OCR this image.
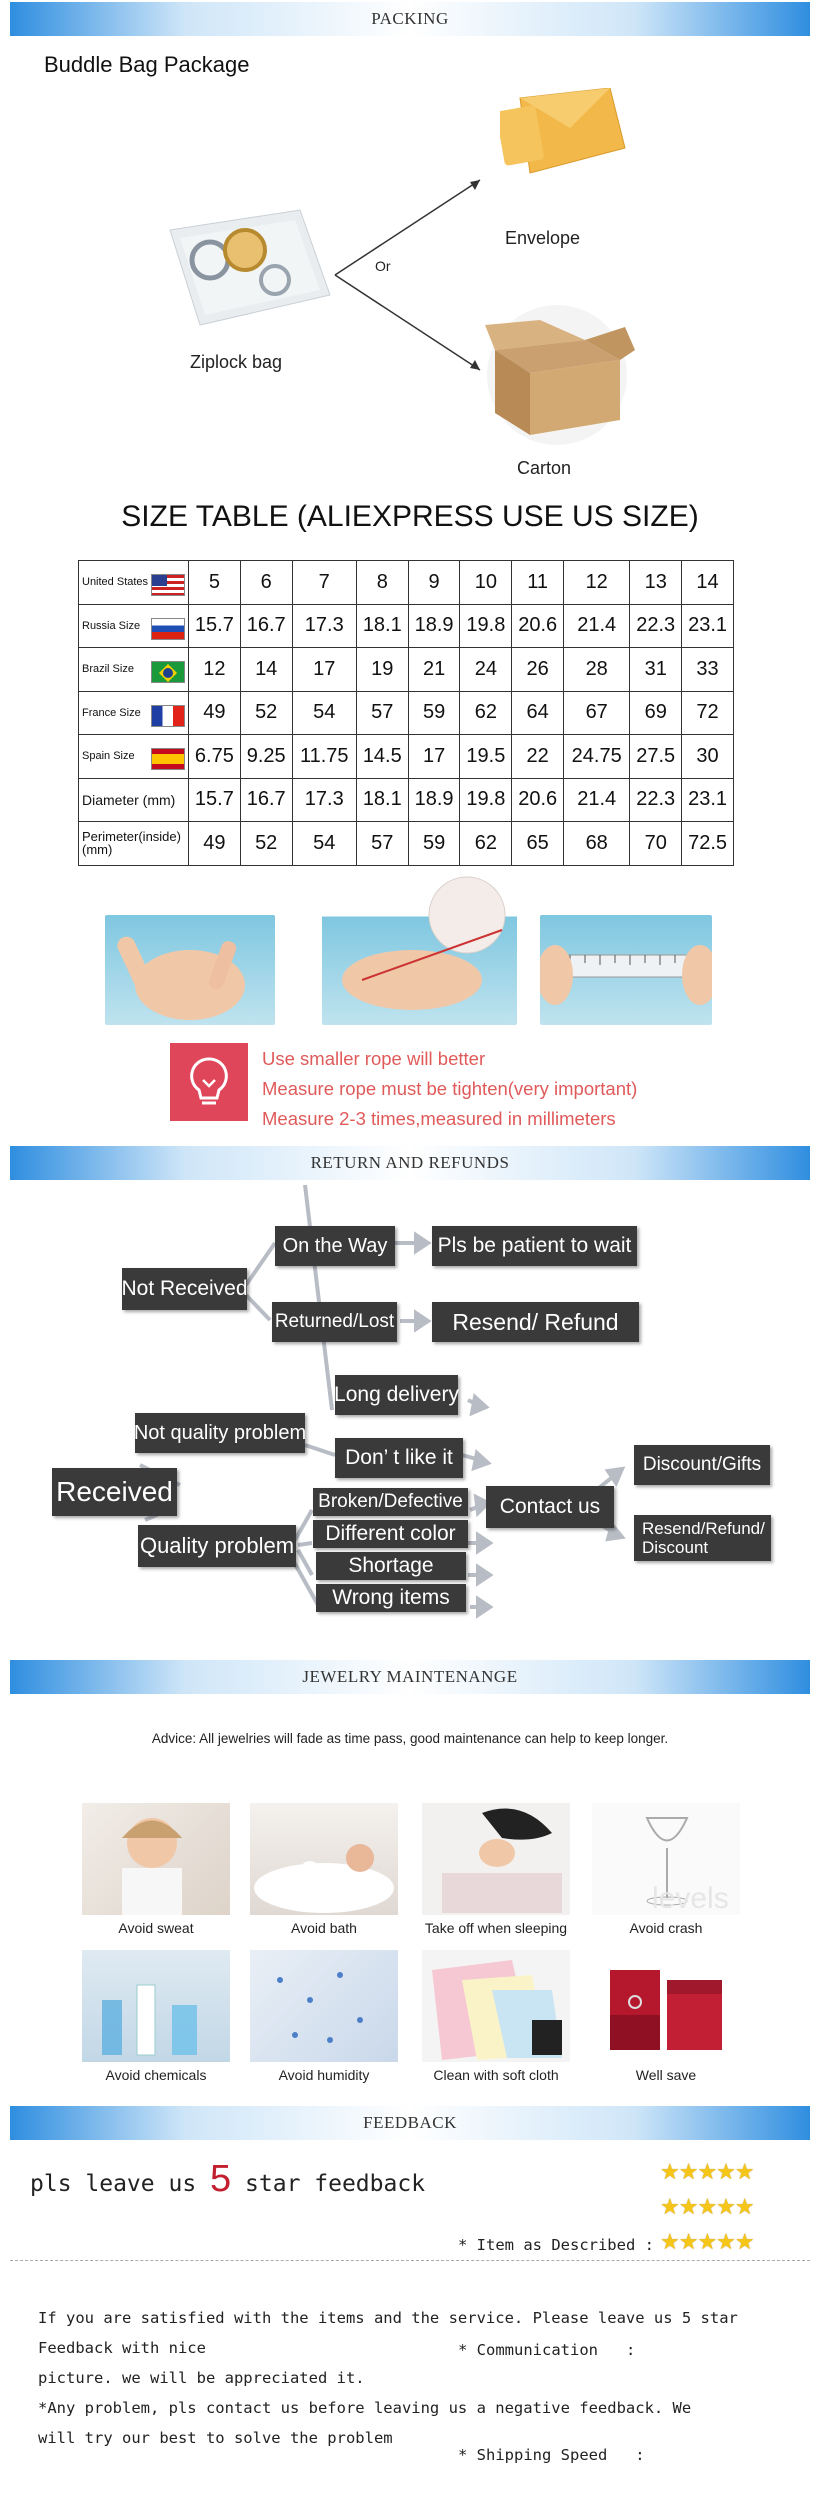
PACKING
Buddle Bag Package
Ziplock bag
Or
Envelope
Carton
SIZE TABLE (ALIEXPRESS USE US SIZE)
United States	5	6	7	8	9	10	11	12	13	14
Russia Size	15.7	16.7	17.3	18.1	18.9	19.8	20.6	21.4	22.3	23.1
Brazil Size	12	14	17	19	21	24	26	28	31	33
France Size	49	52	54	57	59	62	64	67	69	72
Spain Size	6.75	9.25	11.75	14.5	17	19.5	22	24.75	27.5	30
Diameter (mm)	15.7	16.7	17.3	18.1	18.9	19.8	20.6	21.4	22.3	23.1
Perimeter(inside) (mm)	49	52	54	57	59	62	65	68	70	72.5
Use smaller rope will better
Measure rope must be tighten(very important)
Measure 2-3 times,measured in millimeters
RETURN AND REFUNDS
Not Received
On the Way	Pls be patient to wait
Returned/Lost	Resend/ Refund
Received
Not quality problem
Long delivery
Don’ t like it
Quality problem
Broken/Defective
Different color
Shortage
Wrong items
Contact us
Discount/Gifts
Resend/Refund/ Discount
JEWELRY MAINTENANGE
Advice: All jewelries will fade as time pass, good maintenance can help to keep longer.
Avoid sweat	Avoid bath	Take off when sleeping
levels
Avoid crash
Avoid chemicals	Avoid humidity	Clean with soft cloth	Well save
FEEDBACK
pls leave us 5 star feedback

* Item as Described :

* Communication   :

* Shipping Speed   :

★★★★★
★★★★★
★★★★★
If you are satisfied with the items and the service. Please leave us 5 star Feedback with nice
picture. we will be appreciated it.
*Any problem, pls contact us before leaving us a negative feedback. We
will try our best to solve the problem
